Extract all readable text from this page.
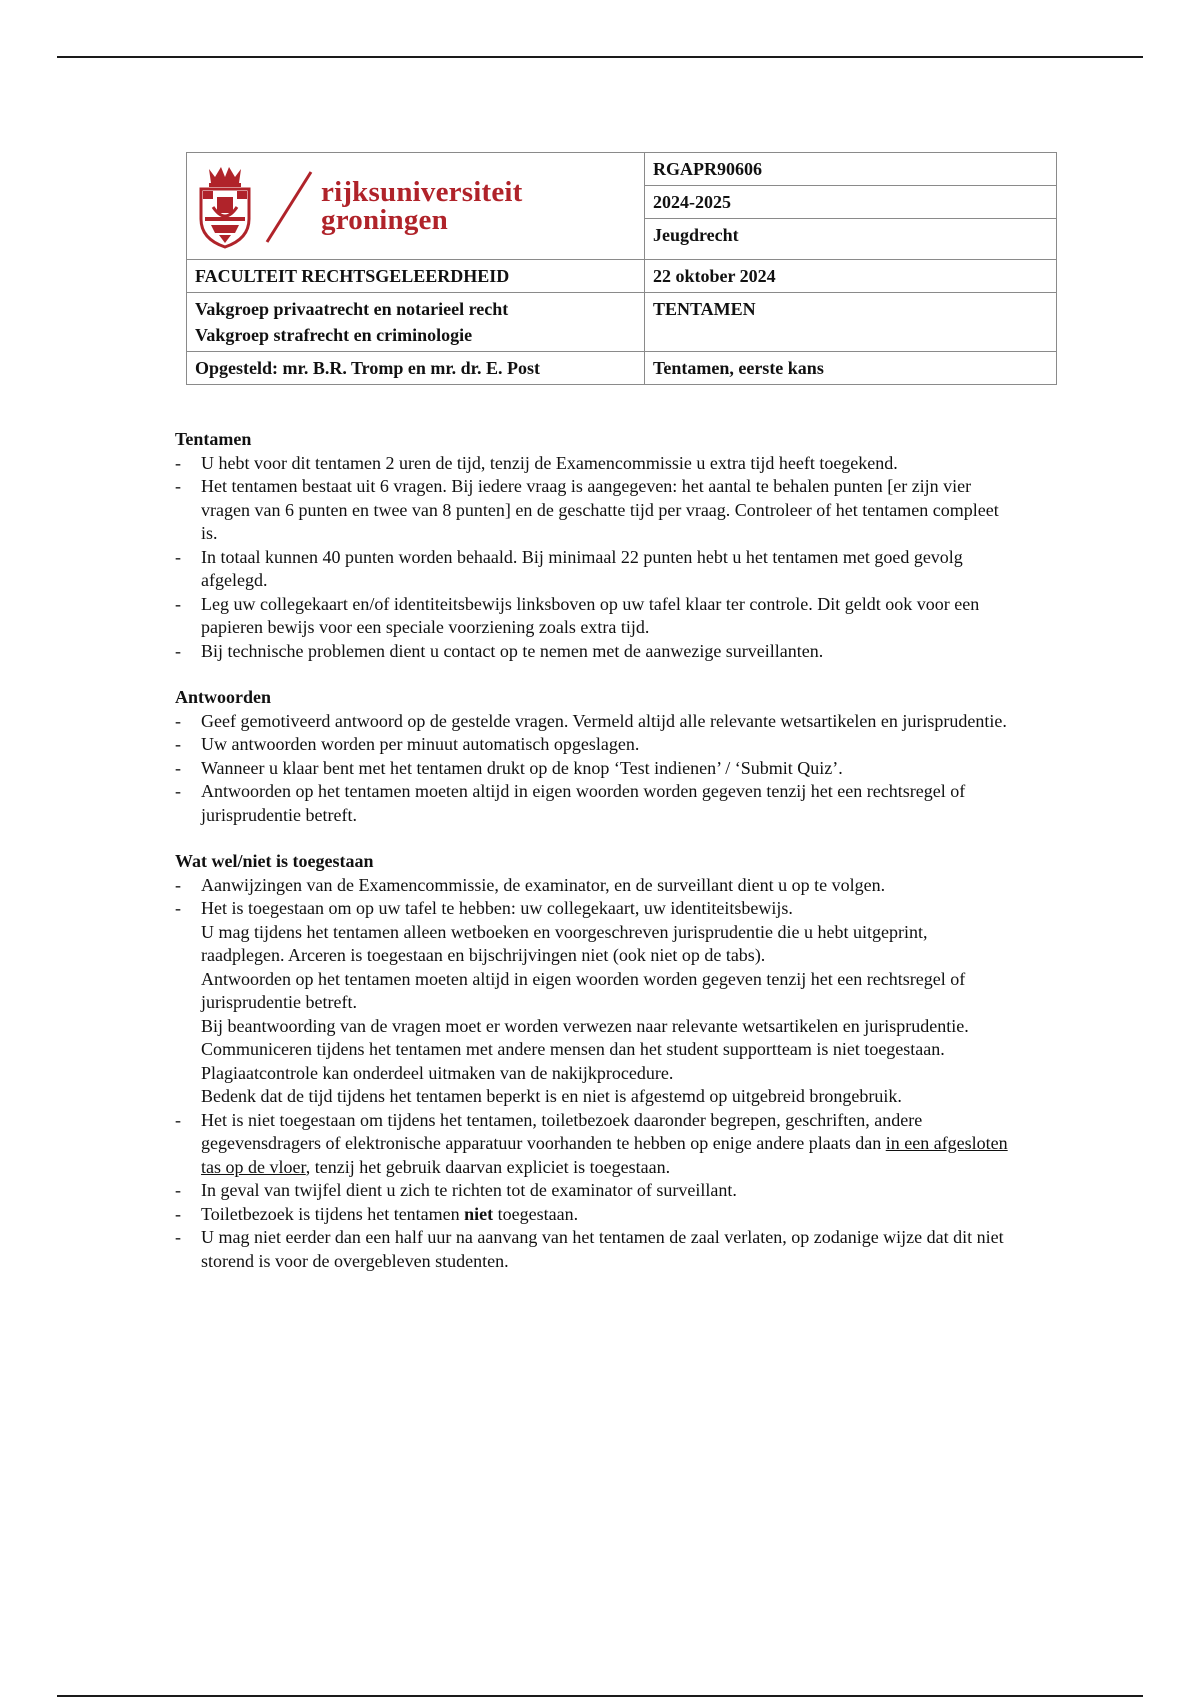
rijksuniversiteit
groningen	RGAPR90606
	2024-2025
	Jeugdrecht
FACULTEIT RECHTSGELEERDHEID	22 oktober 2024

Vakgroep privaatrecht en notarieel recht
Vakgroep strafrecht en criminologie	TENTAMEN
Opgesteld: mr. B.R. Tromp en mr. dr. E. Post	Tentamen, eerste kans

Tentamen

- U hebt voor dit tentamen 2 uren de tijd, tenzij de Examencommissie u extra tijd heeft toegekend.
- Het tentamen bestaat uit 6 vragen. Bij iedere vraag is aangegeven: het aantal te behalen punten [er zijn vier vragen van 6 punten en twee van 8 punten] en de geschatte tijd per vraag. Controleer of het tentamen compleet is.
- In totaal kunnen 40 punten worden behaald. Bij minimaal 22 punten hebt u het tentamen met goed gevolg afgelegd.
- Leg uw collegekaart en/of identiteitsbewijs linksboven op uw tafel klaar ter controle. Dit geldt ook voor een papieren bewijs voor een speciale voorziening zoals extra tijd.
- Bij technische problemen dient u contact op te nemen met de aanwezige surveillanten.

Antwoorden

- Geef gemotiveerd antwoord op de gestelde vragen. Vermeld altijd alle relevante wetsartikelen en jurisprudentie.
- Uw antwoorden worden per minuut automatisch opgeslagen.
- Wanneer u klaar bent met het tentamen drukt op de knop ‘Test indienen’ / ‘Submit Quiz’.
- Antwoorden op het tentamen moeten altijd in eigen woorden worden gegeven tenzij het een rechtsregel of jurisprudentie betreft.

Wat wel/niet is toegestaan

- Aanwijzingen van de Examencommissie, de examinator, en de surveillant dient u op te volgen.
- Het is toegestaan om op uw tafel te hebben: uw collegekaart, uw identiteitsbewijs.
U mag tijdens het tentamen alleen wetboeken en voorgeschreven jurisprudentie die u hebt uitgeprint, raadplegen. Arceren is toegestaan en bijschrijvingen niet (ook niet op de tabs).
Antwoorden op het tentamen moeten altijd in eigen woorden worden gegeven tenzij het een rechtsregel of jurisprudentie betreft.
Bij beantwoording van de vragen moet er worden verwezen naar relevante wetsartikelen en jurisprudentie.
Communiceren tijdens het tentamen met andere mensen dan het student supportteam is niet toegestaan. Plagiaatcontrole kan onderdeel uitmaken van de nakijkprocedure.
Bedenk dat de tijd tijdens het tentamen beperkt is en niet is afgestemd op uitgebreid brongebruik.
- Het is niet toegestaan om tijdens het tentamen, toiletbezoek daaronder begrepen, geschriften, andere gegevensdragers of elektronische apparatuur voorhanden te hebben op enige andere plaats dan in een afgesloten tas op de vloer, tenzij het gebruik daarvan expliciet is toegestaan.
- In geval van twijfel dient u zich te richten tot de examinator of surveillant.
- Toiletbezoek is tijdens het tentamen niet toegestaan.
- U mag niet eerder dan een half uur na aanvang van het tentamen de zaal verlaten, op zodanige wijze dat dit niet storend is voor de overgebleven studenten.
